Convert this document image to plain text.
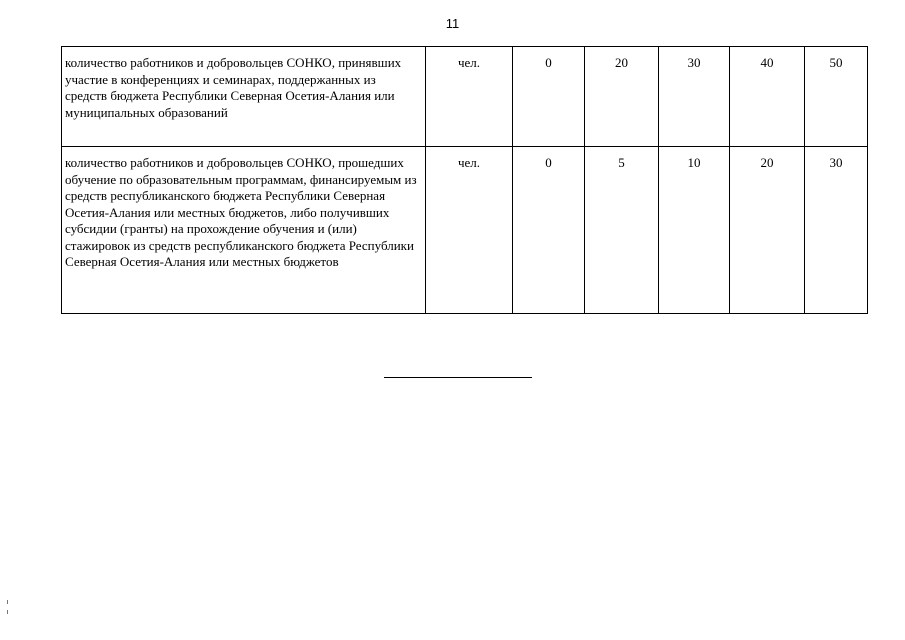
11
количество работников и добровольцев СОНКО, принявших участие в конференциях и семинарах, поддержанных из средств бюджета Республики Северная Осетия-Алания или муниципальных образований	чел.	0	20	30	40	50
количество работников и добровольцев СОНКО, прошедших обучение по образовательным программам, финансируемым из средств республиканского бюджета Республики Северная Осетия-Алания или местных бюджетов, либо получивших субсидии (гранты) на прохождение обучения и (или) стажировок из средств республиканского бюджета Республики Северная Осетия-Алания или местных бюджетов	чел.	0	5	10	20	30
